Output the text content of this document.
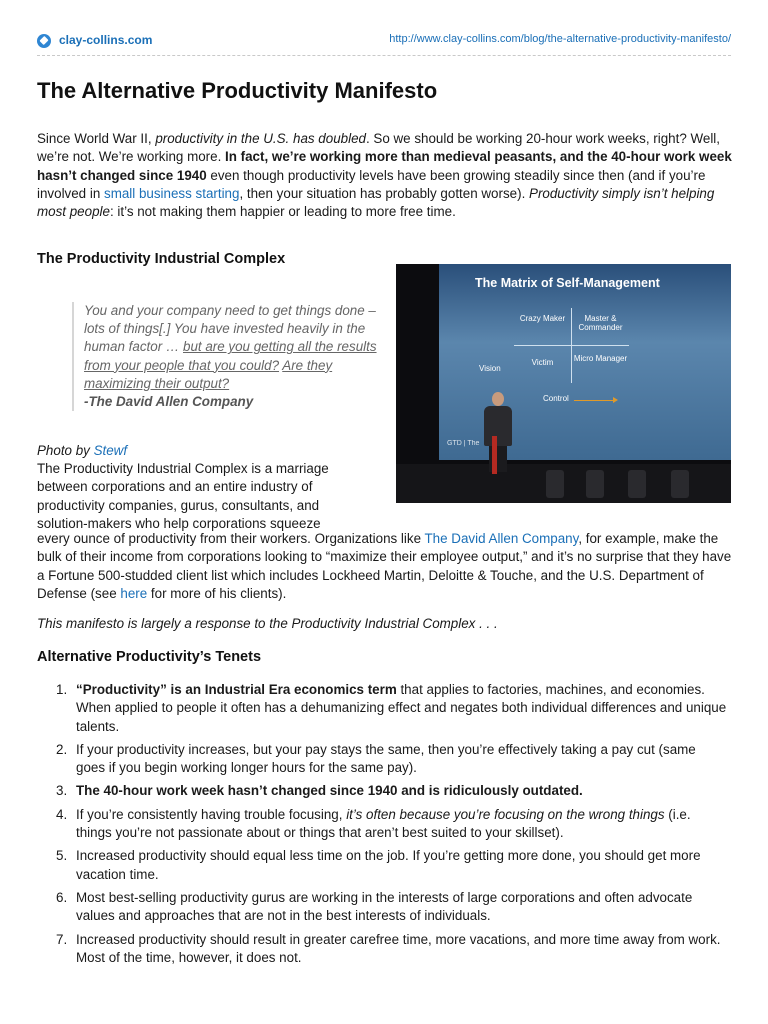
clay-collins.com	http://www.clay-collins.com/blog/the-alternative-productivity-manifesto/
The Alternative Productivity Manifesto

Since World War II, productivity in the U.S. has doubled. So we should be working 20-hour work weeks, right? Well, we’re not. We’re working more. In fact, we’re working more than medieval peasants, and the 40-hour work week hasn’t changed since 1940 even though productivity levels have been growing steadily since then (and if you’re involved in small business starting, then your situation has probably gotten worse). Productivity simply isn’t helping most people: it’s not making them happier or leading to more free time.

The Productivity Industrial Complex
You and your company need to get things done – lots of things[.] You have invested heavily in the human factor … but are you getting all the results from your people that you could? Are they maximizing their output?
-The David Allen Company
The Matrix of Self-Management
Crazy Maker	Master & Commander
Victim	Micro Manager
Vision
Control
GTD | The

Photo by Stewf

The Productivity Industrial Complex is a marriage between corporations and an entire industry of productivity companies, gurus, consultants, and solution-makers who help corporations squeeze

every ounce of productivity from their workers. Organizations like The David Allen Company, for example, make the bulk of their income from corporations looking to “maximize their employee output,” and it’s no surprise that they have a Fortune 500-studded client list which includes Lockheed Martin, Deloitte & Touche, and the U.S. Department of Defense (see here for more of his clients).

This manifesto is largely a response to the Productivity Industrial Complex . . .

Alternative Productivity’s Tenets
1. “Productivity” is an Industrial Era economics term that applies to factories, machines, and economies. When applied to people it often has a dehumanizing effect and negates both individual differences and unique talents.
2. If your productivity increases, but your pay stays the same, then you’re effectively taking a pay cut (same goes if you begin working longer hours for the same pay).
3. The 40-hour work week hasn’t changed since 1940 and is ridiculously outdated.
4. If you’re consistently having trouble focusing, it’s often because you’re focusing on the wrong things (i.e. things you’re not passionate about or things that aren’t best suited to your skillset).
5. Increased productivity should equal less time on the job. If you’re getting more done, you should get more vacation time.
6. Most best-selling productivity gurus are working in the interests of large corporations and often advocate values and approaches that are not in the best interests of individuals.
7. Increased productivity should result in greater carefree time, more vacations, and more time away from work. Most of the time, however, it does not.
